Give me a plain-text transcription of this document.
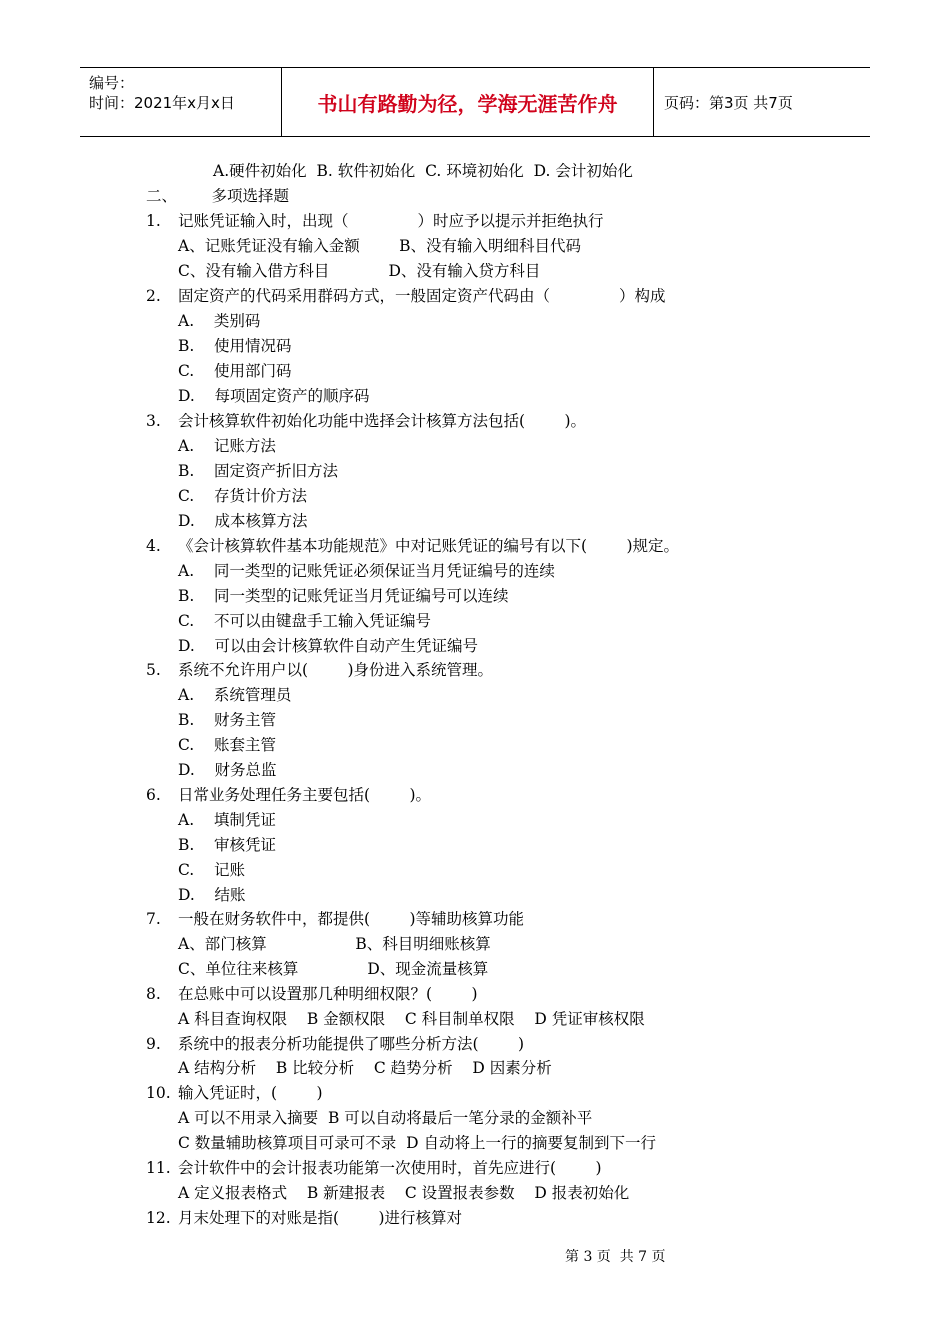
编号：
时间：2021年x月x日	书山有路勤为径，学海无涯苦作舟	页码：第3页 共7页
A.硬件初始化  B. 软件初始化  C. 环境初始化  D. 会计初始化
二、       多项选择题
1. 记账凭证输入时，出现（              ）时应予以提示并拒绝执行
A、记账凭证没有输入金额        B、没有输入明细科目代码
C、没有输入借方科目            D、没有输入贷方科目
2. 固定资产的代码采用群码方式，一般固定资产代码由（              ）构成
A.    类别码
B.    使用情况码
C.    使用部门码
D.    每项固定资产的顺序码
3. 会计核算软件初始化功能中选择会计核算方法包括(        )。
A.    记账方法
B.    固定资产折旧方法
C.    存货计价方法
D.    成本核算方法
4. 《会计核算软件基本功能规范》中对记账凭证的编号有以下(        )规定。
A.    同一类型的记账凭证必须保证当月凭证编号的连续
B.    同一类型的记账凭证当月凭证编号可以连续
C.    不可以由键盘手工输入凭证编号
D.    可以由会计核算软件自动产生凭证编号
5. 系统不允许用户以(        )身份进入系统管理。
A.    系统管理员
B.    财务主管
C.    账套主管
D.    财务总监
6. 日常业务处理任务主要包括(        )。
A.    填制凭证
B.    审核凭证
C.    记账
D.    结账
7. 一般在财务软件中，都提供(        )等辅助核算功能
A、部门核算                  B、科目明细账核算
C、单位往来核算              D、现金流量核算
8. 在总账中可以设置那几种明细权限？(        )
A 科目查询权限    B 金额权限    C 科目制单权限    D 凭证审核权限
9. 系统中的报表分析功能提供了哪些分析方法(        )
A 结构分析    B 比较分析    C 趋势分析    D 因素分析
10. 输入凭证时，(        )
A 可以不用录入摘要  B 可以自动将最后一笔分录的金额补平
C 数量辅助核算项目可录可不录  D 自动将上一行的摘要复制到下一行
11. 会计软件中的会计报表功能第一次使用时，首先应进行(        )
A 定义报表格式    B 新建报表    C 设置报表参数    D 报表初始化
12. 月末处理下的对账是指(        )进行核算对
第 3 页  共 7 页
